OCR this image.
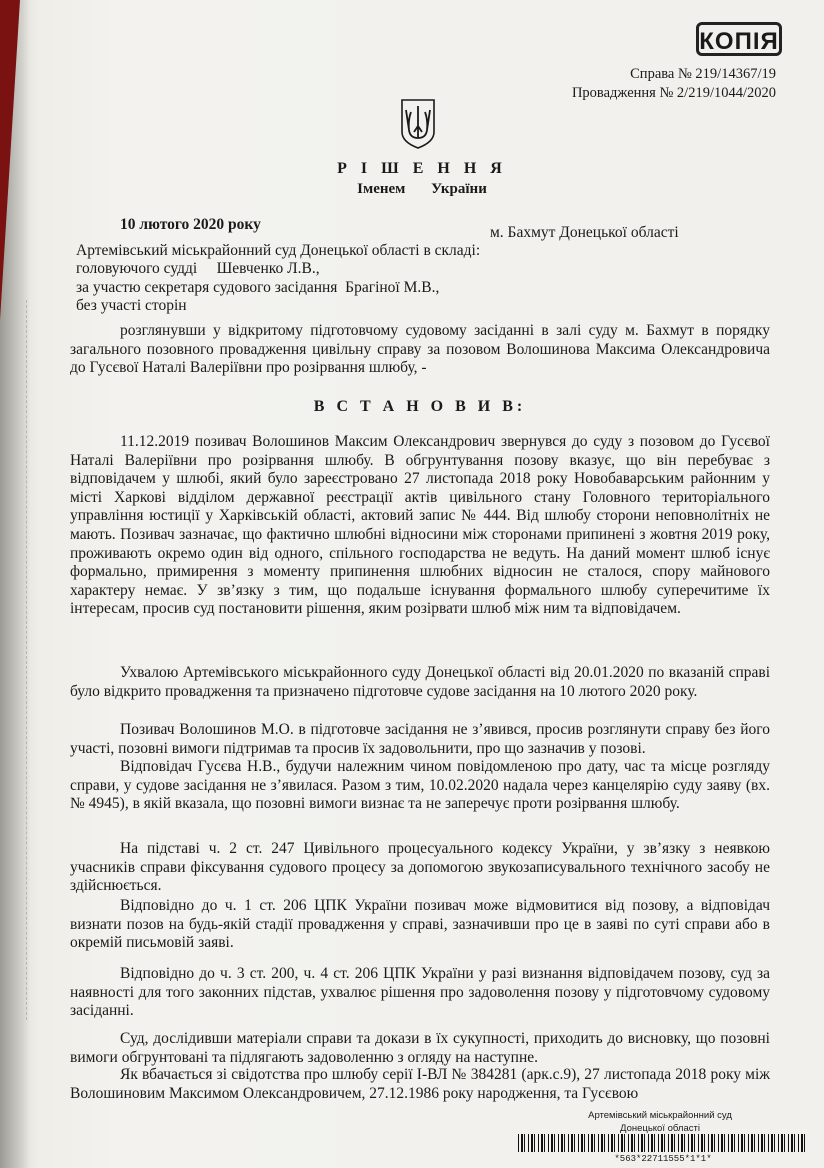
КОПІЯ
Справа № 219/14367/19
Провадження № 2/219/1044/2020
Р І Ш Е Н Н Я
Іменем України
10 лютого 2020 року	м. Бахмут Донецької області
Артемівський міськрайонний суд Донецької області в складі:
головуючого судді     Шевченко Л.В.,
за участю секретаря судового засідання  Брагіної М.В.,
без участі сторін
розглянувши у відкритому підготовчому судовому засіданні в залі суду м. Бахмут в порядку загального позовного провадження цивільну справу за позовом Волошинова Максима Олександровича до Гусєвої Наталі Валеріївни про розірвання шлюбу, -
В С Т А Н О В И В:
11.12.2019 позивач Волошинов Максим Олександрович звернувся до суду з позовом до Гусєвої Наталі Валеріївни про розірвання шлюбу. В обгрунтування позову вказує, що він перебуває з відповідачем у шлюбі, який було зареєстровано 27 листопада 2018 року Новобаварським районним у місті Харкові відділом державної реєстрації актів цивільного стану Головного територіального управління юстиції у Харківській області, актовий запис № 444. Від шлюбу сторони неповнолітніх не мають. Позивач зазначає, що фактично шлюбні відносини між сторонами припинені з жовтня 2019 року, проживають окремо один від одного, спільного господарства не ведуть. На даний момент шлюб існує формально, примирення з моменту припинення шлюбних відносин не сталося, спору майнового характеру немає. У зв’язку з тим, що подальше існування формального шлюбу суперечитиме їх інтересам, просив суд постановити рішення, яким розірвати шлюб між ним та відповідачем.
Ухвалою Артемівського міськрайонного суду Донецької області від 20.01.2020 по вказаній справі було відкрито провадження та призначено підготовче судове засідання на 10 лютого 2020 року.
Позивач Волошинов М.О. в підготовче засідання не з’явився, просив розглянути справу без його участі, позовні вимоги підтримав та просив їх задовольнити, про що зазначив у позові.
Відповідач Гусєва Н.В., будучи належним чином повідомленою про дату, час та місце розгляду справи, у судове засідання не з’явилася. Разом з тим, 10.02.2020 надала через канцелярію суду заяву (вх. № 4945), в якій вказала, що позовні вимоги визнає та не заперечує проти розірвання шлюбу.
На підставі ч. 2 ст. 247 Цивільного процесуального кодексу України, у зв’язку з неявкою учасників справи фіксування судового процесу за допомогою звукозаписувального технічного засобу не здійснюється.
Відповідно до ч. 1 ст. 206 ЦПК України позивач може відмовитися від позову, а відповідач визнати позов на будь-якій стадії провадження у справі, зазначивши про це в заяві по суті справи або в окремій письмовій заяві.
Відповідно до ч. 3 ст. 200, ч. 4 ст. 206 ЦПК України у разі визнання відповідачем позову, суд за наявності для того законних підстав, ухвалює рішення про задоволення позову у підготовчому судовому засіданні.
Суд, дослідивши матеріали справи та докази в їх сукупності, приходить до висновку, що позовні вимоги обгрунтовані та підлягають задоволенню з огляду на наступне.
Як вбачається зі свідотства про шлюбу серії І-ВЛ № 384281 (арк.с.9), 27 листопада 2018 року між Волошиновим Максимом Олександровичем, 27.12.1986 року народження, та Гусєвою
Артемівський міськрайонний суд
Донецької області
*563*22711555*1*1*
